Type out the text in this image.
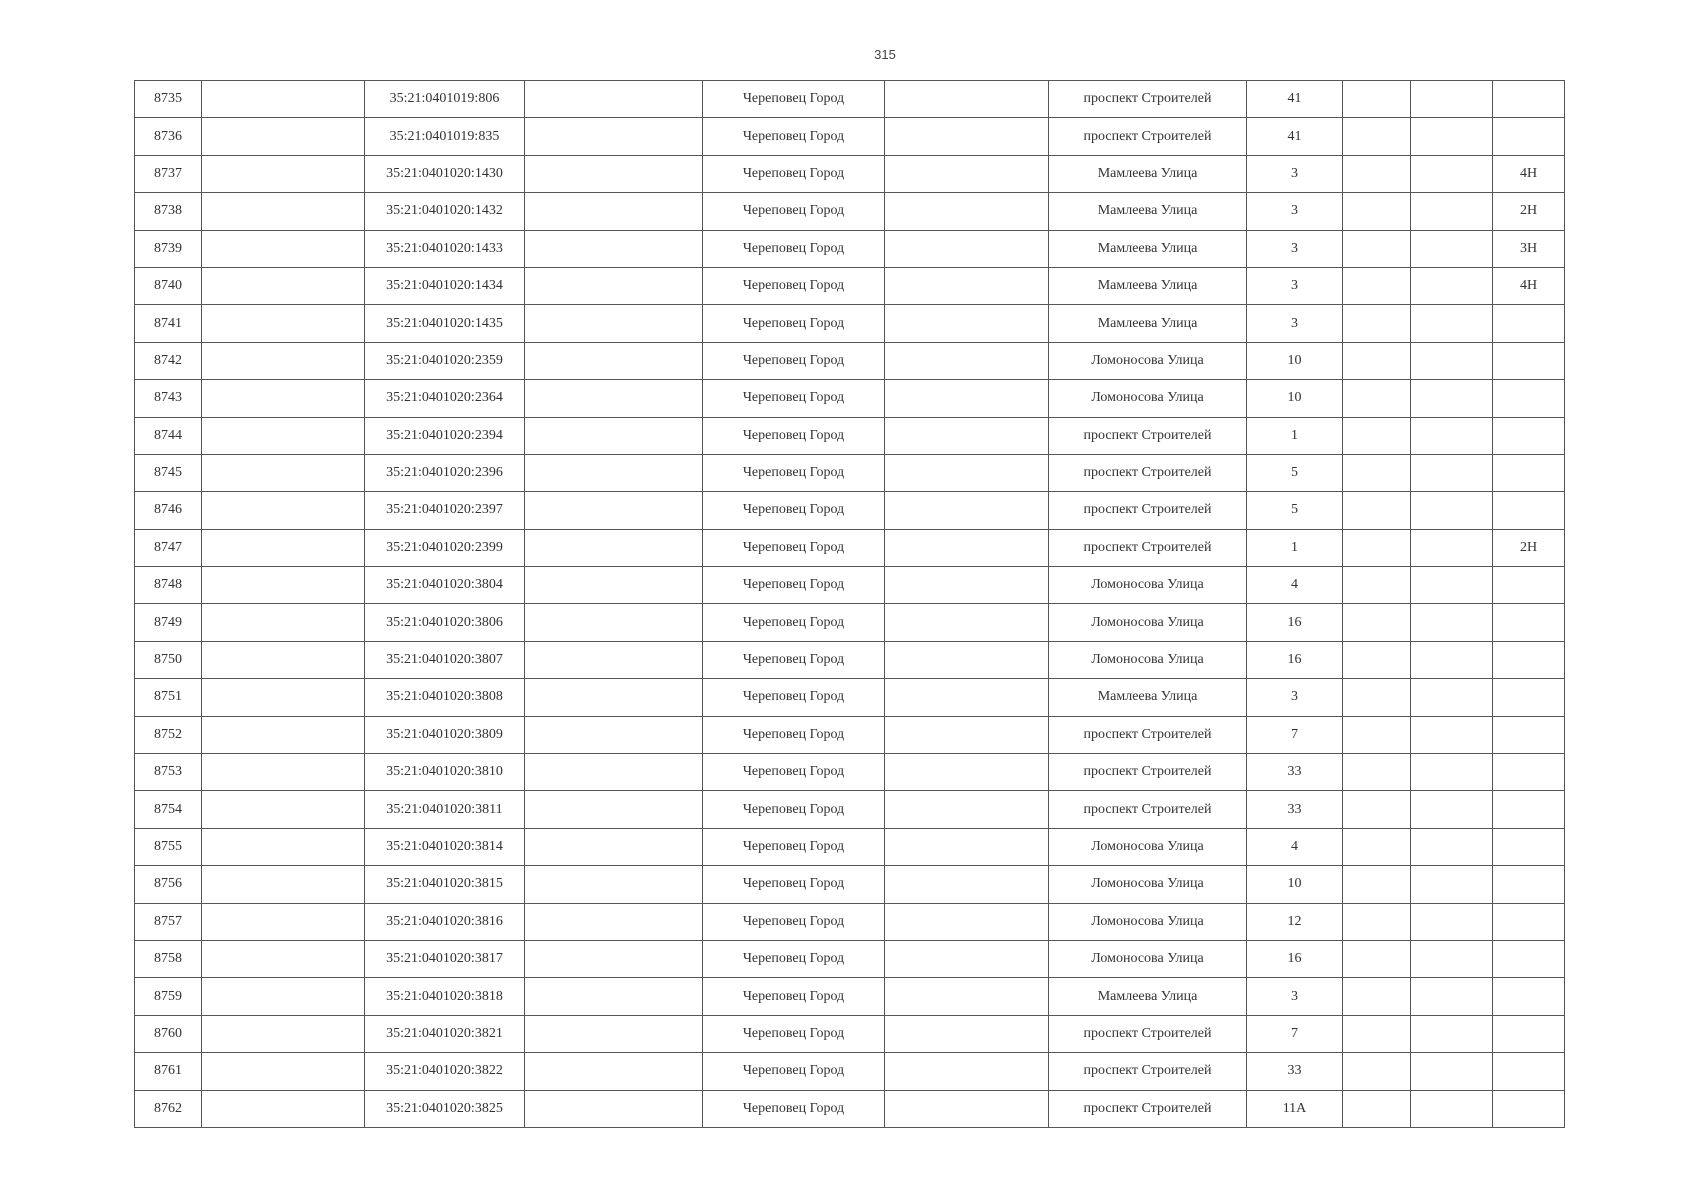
315
8735		35:21:0401019:806		Череповец Город		проспект Строителей	41			
8736		35:21:0401019:835		Череповец Город		проспект Строителей	41			
8737		35:21:0401020:1430		Череповец Город		Мамлеева Улица	3			4Н
8738		35:21:0401020:1432		Череповец Город		Мамлеева Улица	3			2Н
8739		35:21:0401020:1433		Череповец Город		Мамлеева Улица	3			3Н
8740		35:21:0401020:1434		Череповец Город		Мамлеева Улица	3			4Н
8741		35:21:0401020:1435		Череповец Город		Мамлеева Улица	3			
8742		35:21:0401020:2359		Череповец Город		Ломоносова Улица	10			
8743		35:21:0401020:2364		Череповец Город		Ломоносова Улица	10			
8744		35:21:0401020:2394		Череповец Город		проспект Строителей	1			
8745		35:21:0401020:2396		Череповец Город		проспект Строителей	5			
8746		35:21:0401020:2397		Череповец Город		проспект Строителей	5			
8747		35:21:0401020:2399		Череповец Город		проспект Строителей	1			2Н
8748		35:21:0401020:3804		Череповец Город		Ломоносова Улица	4			
8749		35:21:0401020:3806		Череповец Город		Ломоносова Улица	16			
8750		35:21:0401020:3807		Череповец Город		Ломоносова Улица	16			
8751		35:21:0401020:3808		Череповец Город		Мамлеева Улица	3			
8752		35:21:0401020:3809		Череповец Город		проспект Строителей	7			
8753		35:21:0401020:3810		Череповец Город		проспект Строителей	33			
8754		35:21:0401020:3811		Череповец Город		проспект Строителей	33			
8755		35:21:0401020:3814		Череповец Город		Ломоносова Улица	4			
8756		35:21:0401020:3815		Череповец Город		Ломоносова Улица	10			
8757		35:21:0401020:3816		Череповец Город		Ломоносова Улица	12			
8758		35:21:0401020:3817		Череповец Город		Ломоносова Улица	16			
8759		35:21:0401020:3818		Череповец Город		Мамлеева Улица	3			
8760		35:21:0401020:3821		Череповец Город		проспект Строителей	7			
8761		35:21:0401020:3822		Череповец Город		проспект Строителей	33			
8762		35:21:0401020:3825		Череповец Город		проспект Строителей	11А			
